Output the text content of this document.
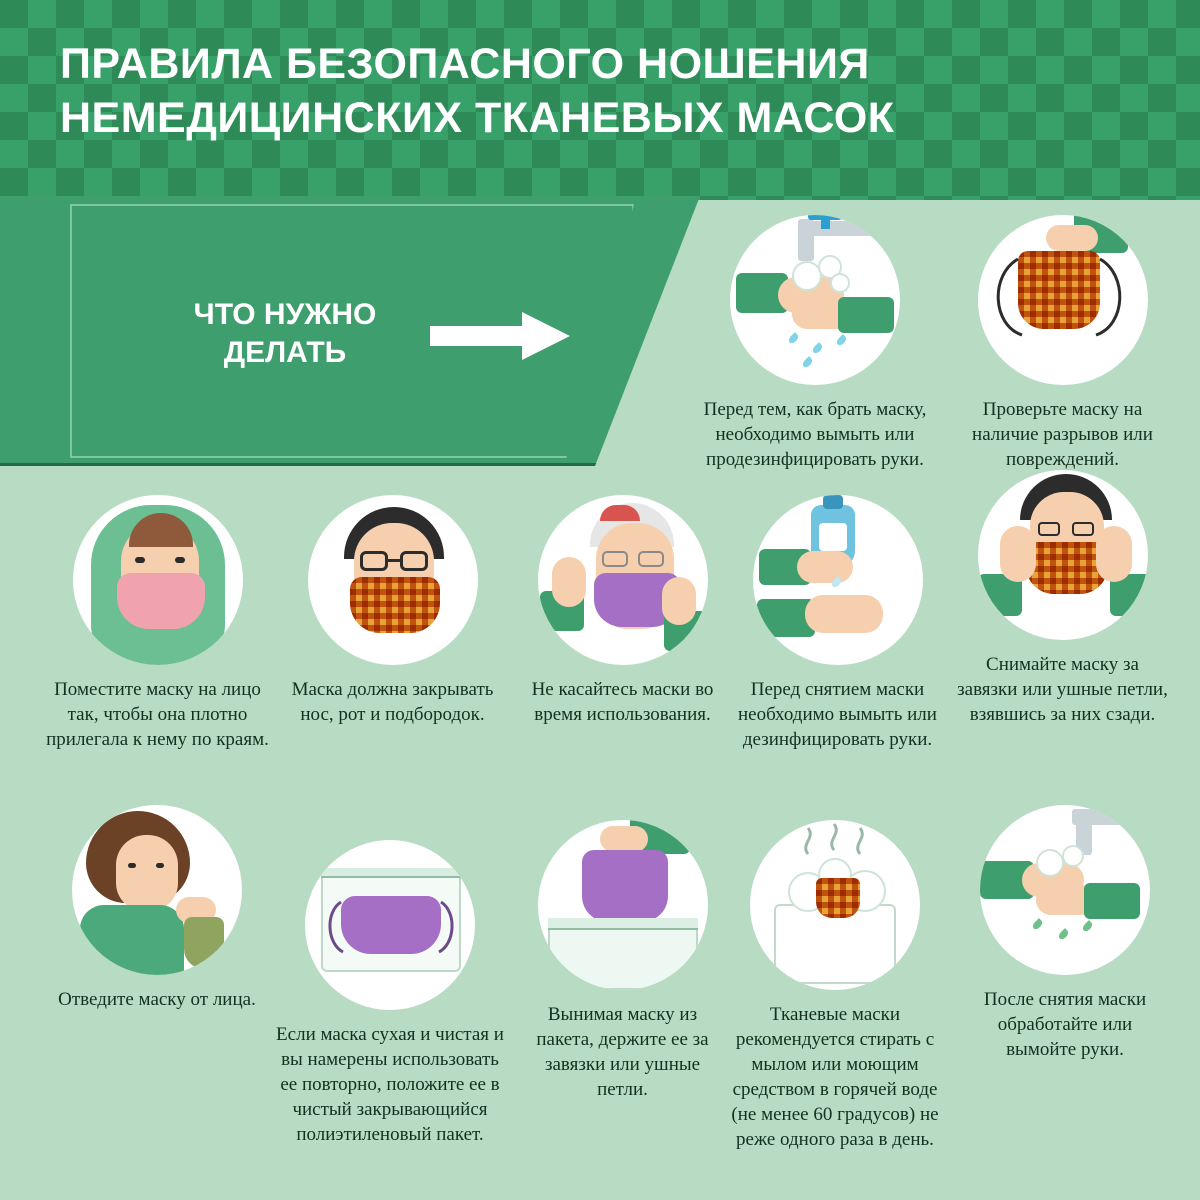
ПРАВИЛА БЕЗОПАСНОГО НОШЕНИЯ НЕМЕДИЦИНСКИХ ТКАНЕВЫХ МАСОК
ЧТО НУЖНО ДЕЛАТЬ
Перед тем, как брать маску, необходимо вымыть или продезинфицировать руки.
Проверьте маску на наличие разрывов или повреждений.
Поместите маску на лицо так, чтобы она плотно прилегала к нему по краям.
Маска должна закрывать нос, рот и подбородок.
Не касайтесь маски во время использования.
Перед снятием маски необходимо вымыть или дезинфицировать руки.
Снимайте маску за завязки или ушные петли, взявшись за них сзади.
Отведите маску от лица.
Если маска сухая и чистая и вы намерены использовать ее повторно, положите ее в чистый закрывающийся полиэтиленовый пакет.
Вынимая маску из пакета, держите ее за завязки или ушные петли.
Тканевые маски рекомендуется стирать с мылом или моющим средством в горячей воде (не менее 60 градусов) не реже одного раза в день.
После снятия маски обработайте или вымойте руки.
